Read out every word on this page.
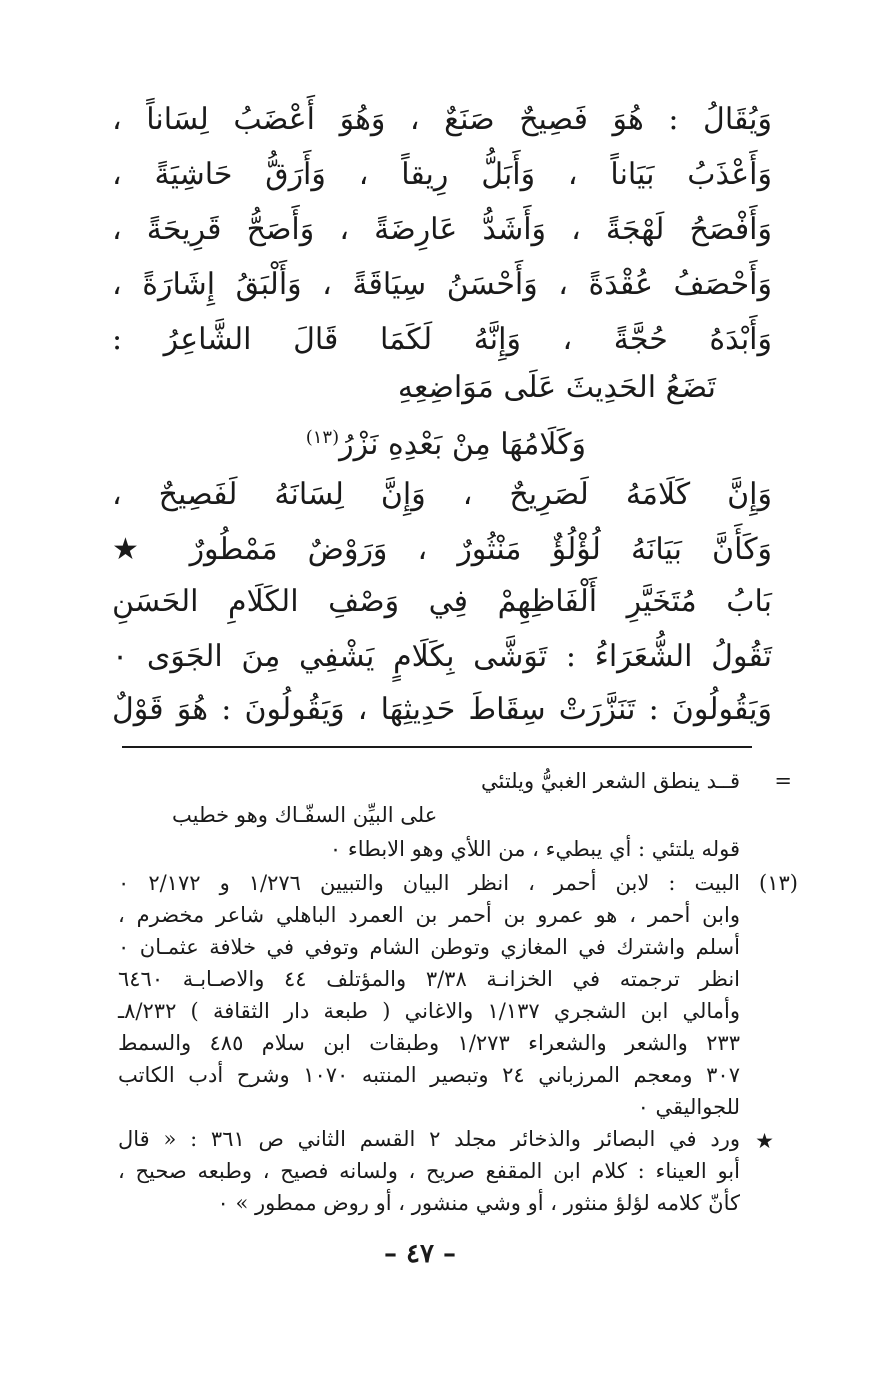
وَيُقَالُ : هُوَ فَصِيحٌ صَنَعٌ ، وَهُوَ أَعْضَبُ لِسَاناً ،
وَأَعْذَبُ بَيَاناً ، وَأَبَلُّ رِيقاً ، وَأَرَقُّ حَاشِيَةً ،
وَأَفْصَحُ لَهْجَةً ، وَأَشَدُّ عَارِضَةً ، وَأَصَحُّ قَرِيحَةً ،
وَأَحْصَفُ عُقْدَةً ، وَأَحْسَنُ سِيَاقَةً ، وَأَلْبَقُ إِشَارَةً ،
وَأَبْدَهُ حُجَّةً ، وَإِنَّهُ لَكَمَا قَالَ الشَّاعِرُ :
تَضَعُ الحَدِيثَ عَلَى مَوَاضِعِهِ
وَكَلَامُهَا مِنْ بَعْدِهِ نَزْرُ$^{(١٣)}$
وَإِنَّ كَلَامَهُ لَصَرِيحٌ ، وَإِنَّ لِسَانَهُ لَفَصِيحٌ ،
وَكَأَنَّ بَيَانَهُ لُؤْلُؤٌ مَنْثُورٌ ، وَرَوْضٌ مَمْطُورٌ ★
بَابُ مُتَخَيَّرِ أَلْفَاظِهِمْ فِي وَصْفِ الكَلَامِ الحَسَنِ
تَقُولُ الشُّعَرَاءُ : تَوَشَّى بِكَلَامٍ يَشْفِي مِنَ الجَوَى ٠
وَيَقُولُونَ : تَنَزَّرَتْ سِقَاطَ حَدِيثِهَا ، وَيَقُولُونَ : هُوَ قَوْلٌ
=
قــد ينطق الشعر الغبيُّ ويلتئي
على البيِّن السفّـاك وهو خطيب
قوله يلتئي : أي يبطيء ، من اللأي وهو الابطاء ٠
(١٣)
البيت : لابن أحمر ، انظر البيان والتبيين ١/٢٧٦ و ٢/١٧٢ ٠
وابن أحمر ، هو عمرو بن أحمر بن العمرد الباهلي شاعر مخضرم ،
أسلم واشترك في المغازي وتوطن الشام وتوفي في خلافة عثمـان ٠
انظر ترجمته في الخزانـة ٣/٣٨ والمؤتلف ٤٤ والاصـابـة ٦٤٦٠
وأمالي ابن الشجري ١/١٣٧ والاغاني ( طبعة دار الثقافة ) ٨/٢٣٢ـ
٢٣٣ والشعر والشعراء ١/٢٧٣ وطبقات ابن سلام ٤٨٥ والسمط
٣٠٧ ومعجم المرزباني ٢٤ وتبصير المنتبه ١٠٧٠ وشرح أدب الكاتب
للجواليقي ٠
★
ورد في البصائر والذخائر مجلد ٢ القسم الثاني ص ٣٦١ : « قال
أبو العيناء : كلام ابن المقفع صريح ، ولسانه فصيح ، وطبعه صحيح ،
كأنّ كلامه لؤلؤ منثور ، أو وشي منشور ، أو روض ممطور » ٠
– ٤٧ –
